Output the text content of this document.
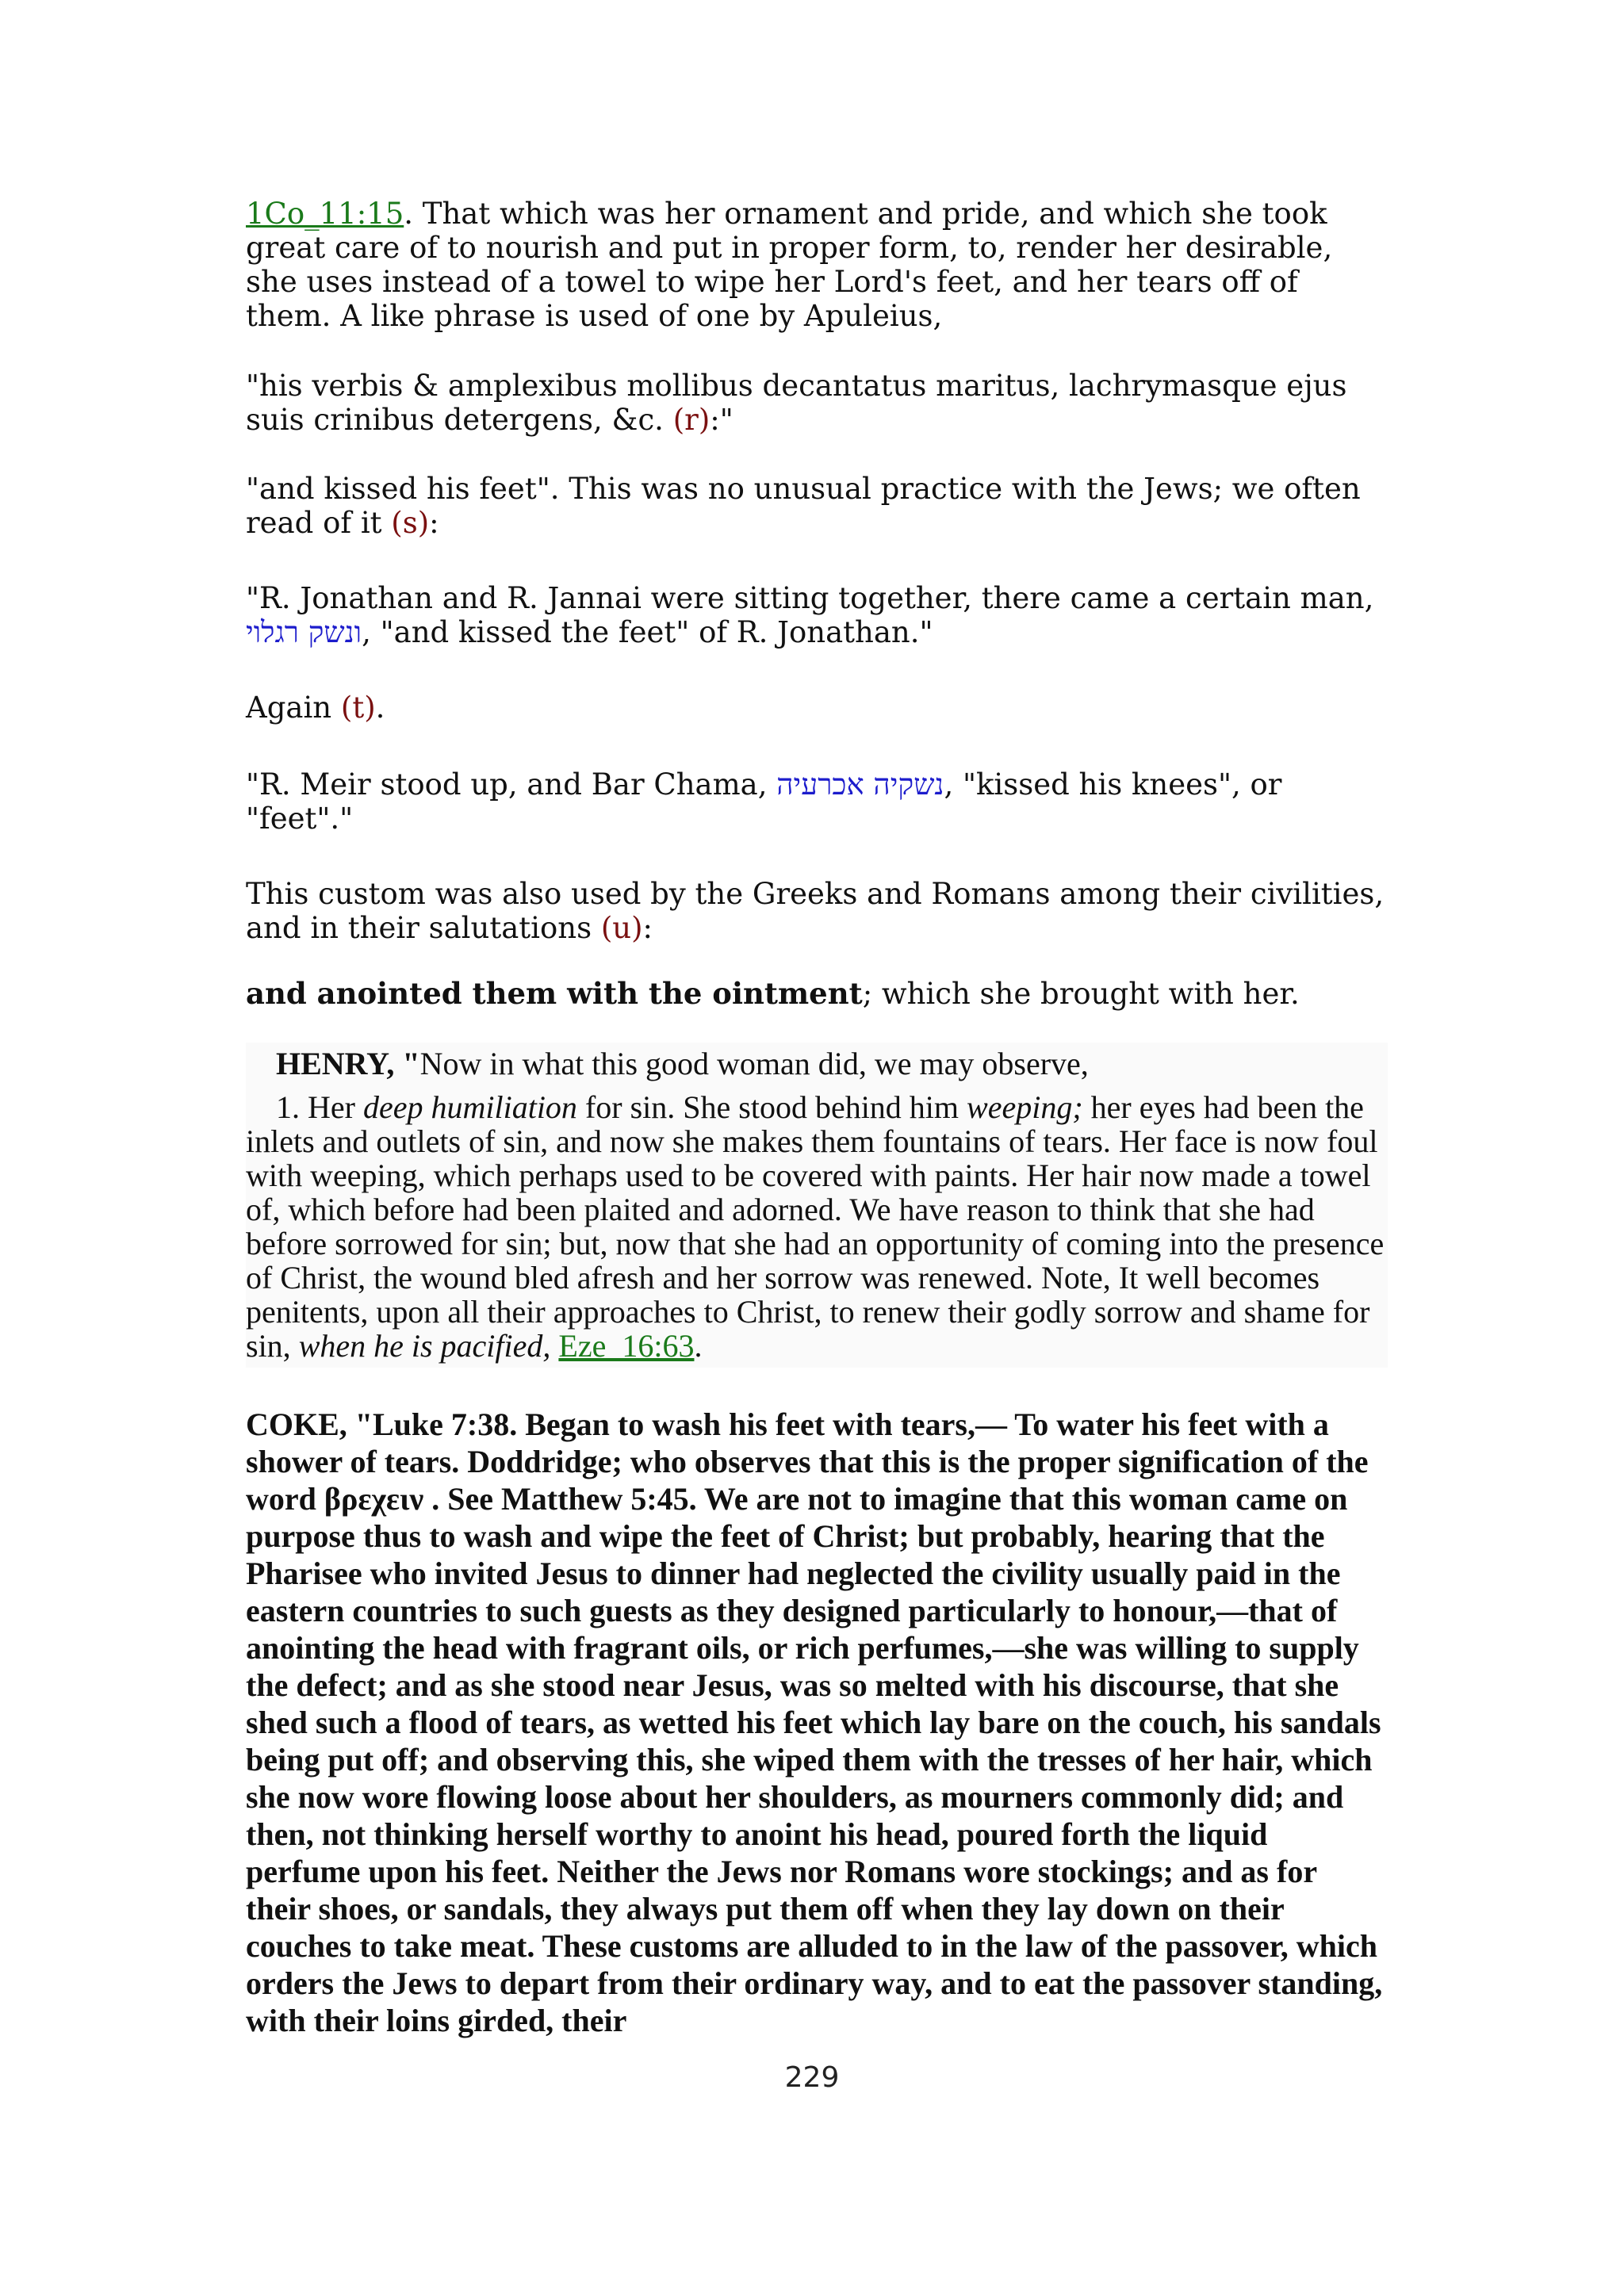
1Co_11:15. That which was her ornament and pride, and which she took great care of to nourish and put in proper form, to, render her desirable, she uses instead of a towel to wipe her Lord's feet, and her tears off of them. A like phrase is used of one by Apuleius,

"his verbis & amplexibus mollibus decantatus maritus, lachrymasque ejus suis crinibus detergens, &c. (r):"

"and kissed his feet". This was no unusual practice with the Jews; we often read of it (s):

"R. Jonathan and R. Jannai were sitting together, there came a certain man, ונשק רגלוי, "and kissed the feet" of R. Jonathan."

Again (t).

"R. Meir stood up, and Bar Chama, נשקיה אכרעיה, "kissed his knees", or "feet"."

This custom was also used by the Greeks and Romans among their civilities, and in their salutations (u):

and anointed them with the ointment; which she brought with her.

HENRY, "Now in what this good woman did, we may observe,

1. Her deep humiliation for sin. She stood behind him weeping; her eyes had been the inlets and outlets of sin, and now she makes them fountains of tears. Her face is now foul with weeping, which perhaps used to be covered with paints. Her hair now made a towel of, which before had been plaited and adorned. We have reason to think that she had before sorrowed for sin; but, now that she had an opportunity of coming into the presence of Christ, the wound bled afresh and her sorrow was renewed. Note, It well becomes penitents, upon all their approaches to Christ, to renew their godly sorrow and shame for sin, when he is pacified, Eze_16:63.

COKE, "Luke 7:38. Began to wash his feet with tears,— To water his feet with a shower of tears. Doddridge; who observes that this is the proper signification of the word βρεχειν . See Matthew 5:45. We are not to imagine that this woman came on purpose thus to wash and wipe the feet of Christ; but probably, hearing that the Pharisee who invited Jesus to dinner had neglected the civility usually paid in the eastern countries to such guests as they designed particularly to honour,—that of anointing the head with fragrant oils, or rich perfumes,—she was willing to supply the defect; and as she stood near Jesus, was so melted with his discourse, that she shed such a flood of tears, as wetted his feet which lay bare on the couch, his sandals being put off; and observing this, she wiped them with the tresses of her hair, which she now wore flowing loose about her shoulders, as mourners commonly did; and then, not thinking herself worthy to anoint his head, poured forth the liquid perfume upon his feet. Neither the Jews nor Romans wore stockings; and as for their shoes, or sandals, they always put them off when they lay down on their couches to take meat. These customs are alluded to in the law of the passover, which orders the Jews to depart from their ordinary way, and to eat the passover standing, with their loins girded, their

229
